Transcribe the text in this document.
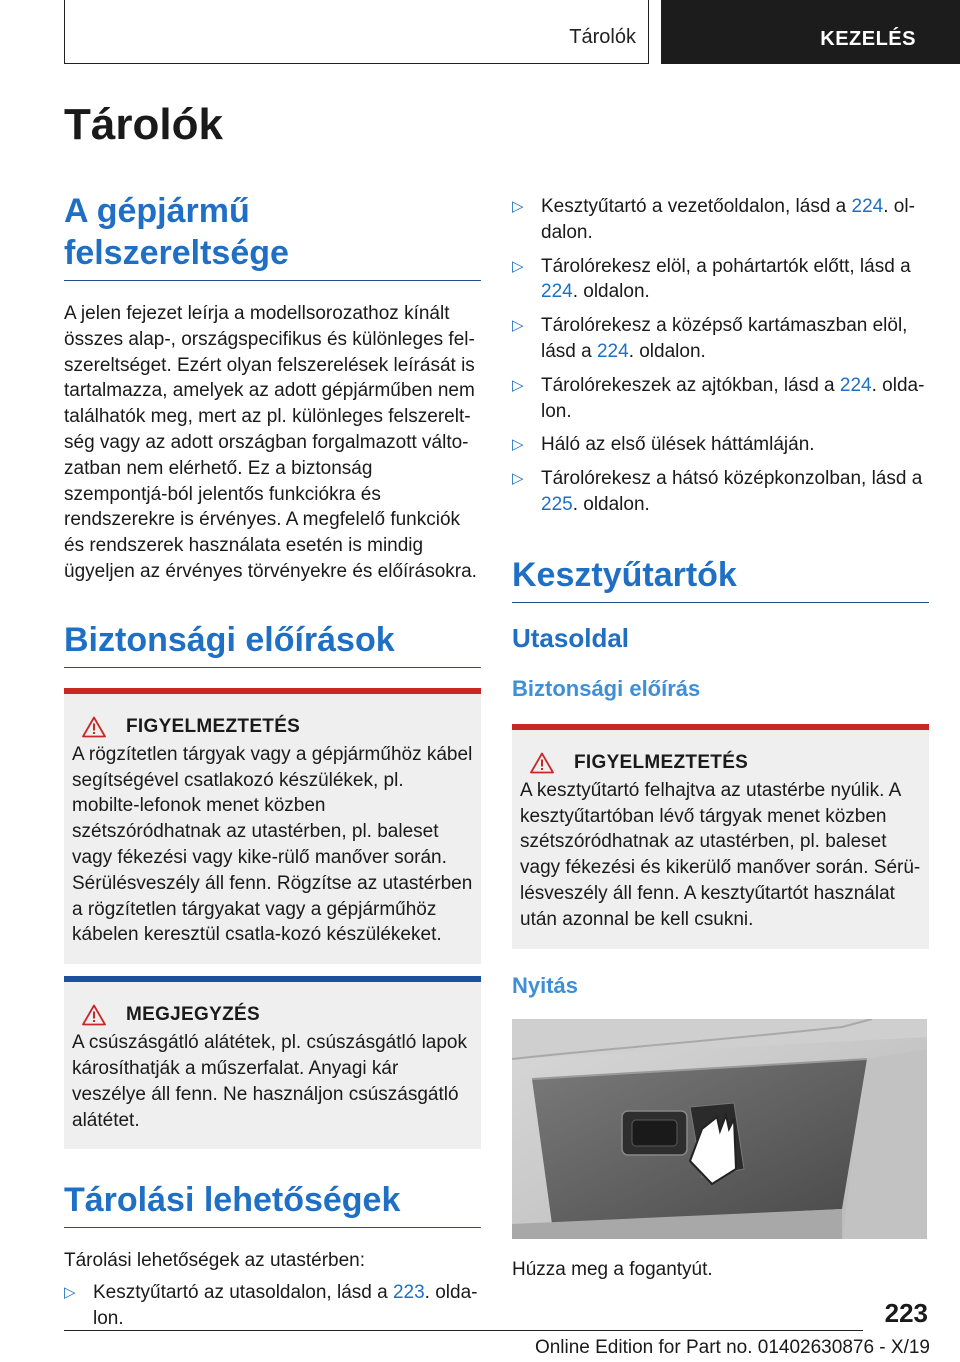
Tárolók	KEZELÉS
Tárolók
A gépjármű felszereltsége

A jelen fejezet leírja a modellsorozathoz kínált összes alap-, országspecifikus és különleges fel-szereltséget. Ezért olyan felszerelések leírását is tartalmazza, amelyek az adott gépjárműben nem találhatók meg, mert az pl. különleges felszerelt-ség vagy az adott országban forgalmazott válto-zatban nem elérhető. Ez a biztonság szempontjá-ból jelentős funkciókra és rendszerekre is érvényes. A megfelelő funkciók és rendszerek használata esetén is mindig ügyeljen az érvényes törvényekre és előírásokra.

Biztonsági előírások
FIGYELMEZTETÉS

A rögzítetlen tárgyak vagy a gépjárműhöz kábel segítségével csatlakozó készülékek, pl. mobilte-lefonok menet közben szétszóródhatnak az utastérben, pl. baleset vagy fékezési vagy kike-rülő manőver során. Sérülésveszély áll fenn. Rögzítse az utastérben a rögzítetlen tárgyakat vagy a gépjárműhöz kábelen keresztül csatla-kozó készülékeket.

MEGJEGYZÉS

A csúszásgátló alátétek, pl. csúszásgátló lapok károsíthatják a műszerfalat. Anyagi kár veszélye áll fenn. Ne használjon csúszásgátló alátétet.

Tárolási lehetőségek

Tárolási lehetőségek az utastérben:

▷ Kesztyűtartó az utasoldalon, lásd a 223. olda-lon.
▷ Kesztyűtartó a vezetőoldalon, lásd a 224. ol-dalon.
▷ Tárolórekesz elöl, a pohártartók előtt, lásd a 224. oldalon.
▷ Tárolórekesz a középső kartámaszban elöl, lásd a 224. oldalon.
▷ Tárolórekeszek az ajtókban, lásd a 224. olda-lon.
▷ Háló az első ülések háttámláján.
▷ Tárolórekesz a hátsó középkonzolban, lásd a 225. oldalon.
Kesztyűtartók
Utasoldal
Biztonsági előírás
FIGYELMEZTETÉS

A kesztyűtartó felhajtva az utastérbe nyúlik. A kesztyűtartóban lévő tárgyak menet közben szétszóródhatnak az utastérben, pl. baleset vagy fékezési és kikerülő manőver során. Sérü-lésveszély áll fenn. A kesztyűtartót használat után azonnal be kell csukni.

Nyitás

Húzza meg a fogantyút.

223
Online Edition for Part no. 01402630876 - X/19
